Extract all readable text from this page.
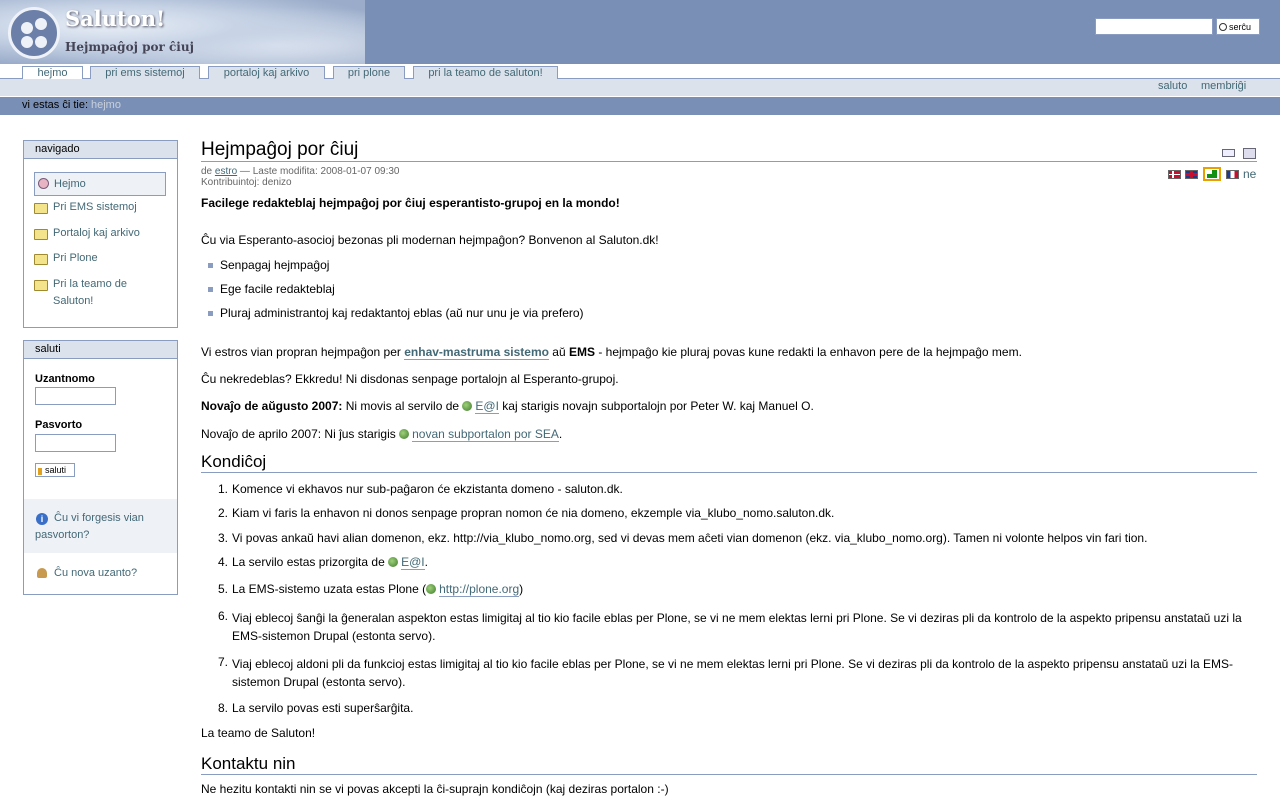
Saluton!
Hejmpaĝoj por ĉiuj
serĉu
hejmo	pri ems sistemoj	portaloj kaj arkivo	pri plone	pri la teamo de saluton!
saluto membriĝi
vi estas ĉi tie: hejmo
navigado
Hejmo
Pri EMS sistemoj
Portaloj kaj arkivo
Pri Plone
Pri la teamo de Saluton!
saluti
Uzantnomo
Pasvorto
saluti
i Ĉu vi forgesis vian pasvorton?
Ĉu nova uzanto?
Hejmpaĝoj por ĉiuj
de estro — Laste modifita: 2008-01-07 09:30
Kontribuintoj: denizo
ne
Facilege redakteblaj hejmpaĝoj por ĉiuj esperantisto-grupoj en la mondo!
Ĉu via Esperanto-asocioj bezonas pli modernan hejmpaĝon? Bonvenon al Saluton.dk!
Senpagaj hejmpaĝoj
Ege facile redakteblaj
Pluraj administrantoj kaj redaktantoj eblas (aŭ nur unu je via prefero)
Vi estros vian propran hejmpaĝon per enhav-mastruma sistemo aŭ EMS - hejmpaĝo kie pluraj povas kune redakti la enhavon pere de la hejmpaĝo mem.
Ĉu nekredeblas? Ekkredu! Ni disdonas senpage portalojn al Esperanto-grupoj.
Novaĵo de aŭgusto 2007: Ni movis al servilo de E@I kaj starigis novajn subportalojn por Peter W. kaj Manuel O.
Novaĵo de aprilo 2007: Ni ĵus starigis novan subportalon por SEA.
Kondiĉoj
1. Komence vi ekhavos nur sub-paĝaron će ekzistanta domeno - saluton.dk.
2. Kiam vi faris la enhavon ni donos senpage propran nomon će nia domeno, ekzemple via_klubo_nomo.saluton.dk.
3. Vi povas ankaŭ havi alian domenon, ekz. http://via_klubo_nomo.org, sed vi devas mem aĉeti vian domenon (ekz. via_klubo_nomo.org). Tamen ni volonte helpos vin fari tion.
4. La servilo estas prizorgita de E@I.
5. La EMS-sistemo uzata estas Plone ( http://plone.org)
6. Viaj eblecoj ŝanĝi la ĝeneralan aspekton estas limigitaj al tio kio facile eblas per Plone, se vi ne mem elektas lerni pri Plone. Se vi deziras pli da kontrolo de la aspekto pripensu anstataŭ uzi la EMS-sistemon Drupal (estonta servo).
7. Viaj eblecoj aldoni pli da funkcioj estas limigitaj al tio kio facile eblas per Plone, se vi ne mem elektas lerni pri Plone. Se vi deziras pli da kontrolo de la aspekto pripensu anstataŭ uzi la EMS-sistemon Drupal (estonta servo).
8. La servilo povas esti superŝarĝita.
La teamo de Saluton!
Kontaktu nin
Ne hezitu kontakti nin se vi povas akcepti la ĉi-suprajn kondiĉojn (kaj deziras portalon :-)
